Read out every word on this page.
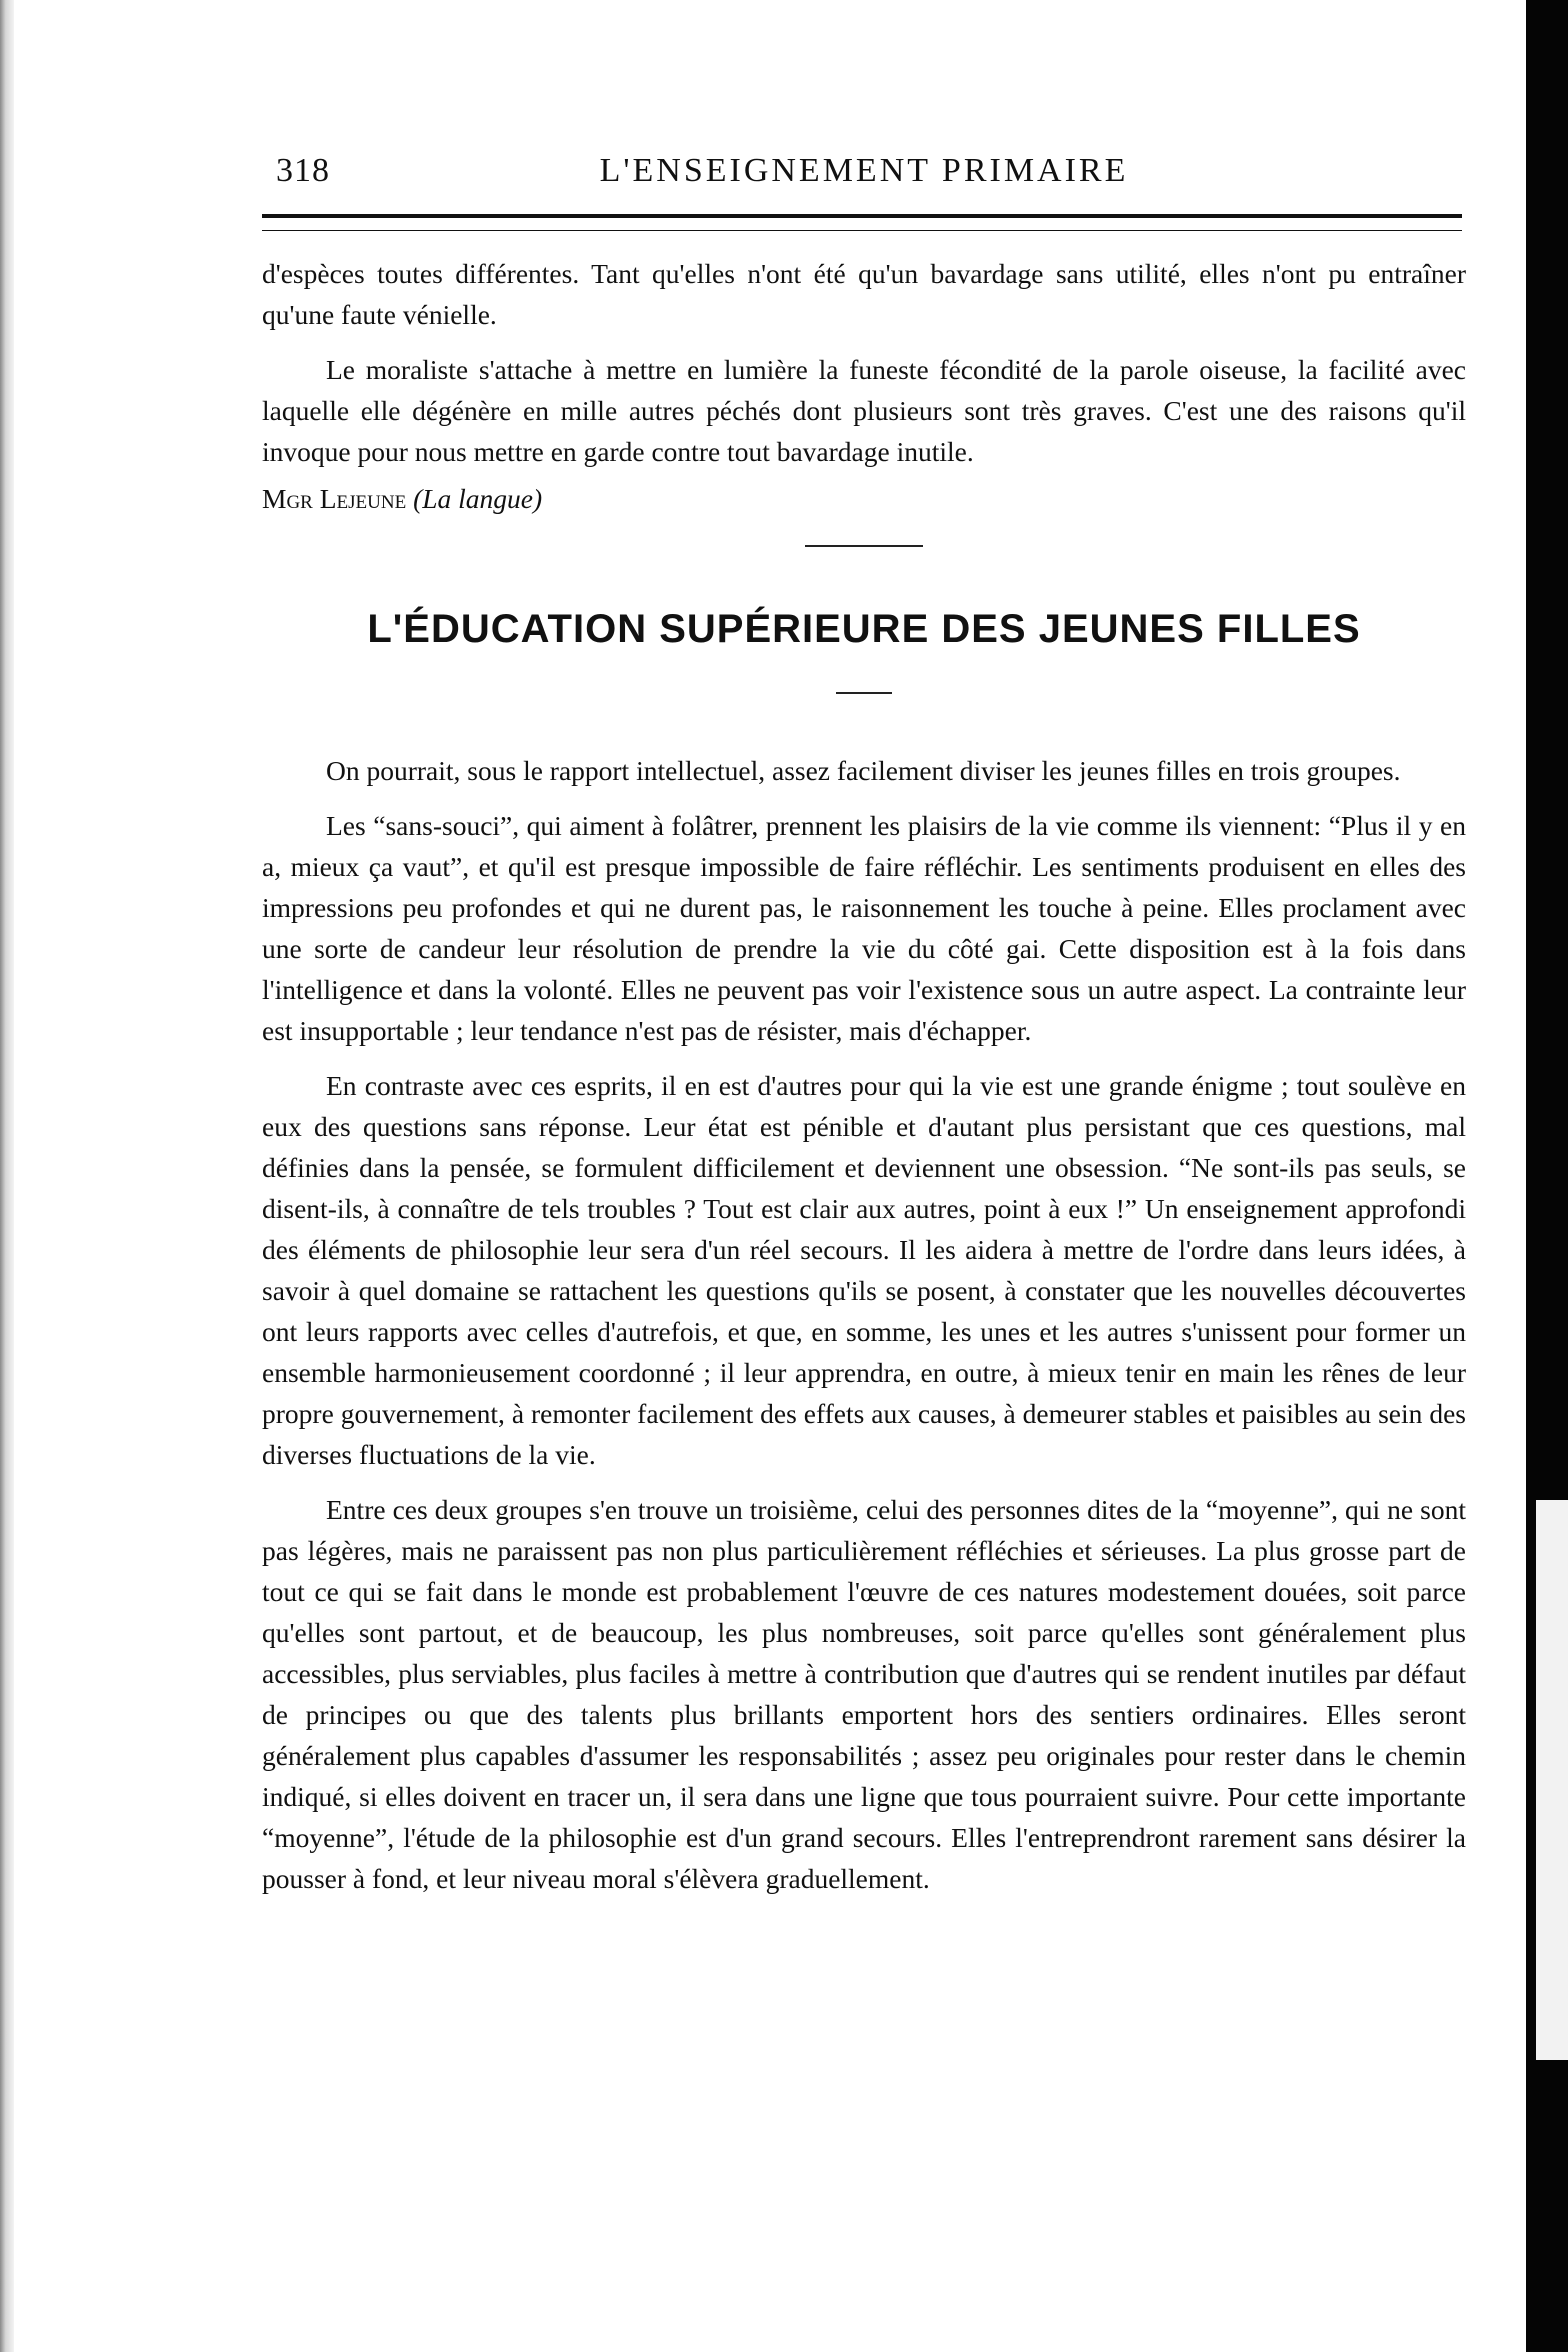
318	L'ENSEIGNEMENT PRIMAIRE

d'espèces toutes différentes. Tant qu'elles n'ont été qu'un bavardage sans utilité, elles n'ont pu entraîner qu'une faute vénielle.

Le moraliste s'attache à mettre en lumière la funeste fécondité de la parole oiseuse, la facilité avec laquelle elle dégénère en mille autres péchés dont plusieurs sont très graves. C'est une des raisons qu'il invoque pour nous mettre en garde contre tout bavardage inutile.

Mgr Lejeune (La langue)

L'ÉDUCATION SUPÉRIEURE DES JEUNES FILLES

On pourrait, sous le rapport intellectuel, assez facilement diviser les jeunes filles en trois groupes.

Les “sans-souci”, qui aiment à folâtrer, prennent les plaisirs de la vie comme ils viennent: “Plus il y en a, mieux ça vaut”, et qu'il est presque impossible de faire réfléchir. Les sentiments produisent en elles des impressions peu profondes et qui ne durent pas, le raisonnement les touche à peine. Elles proclament avec une sorte de candeur leur résolution de prendre la vie du côté gai. Cette disposition est à la fois dans l'intelligence et dans la volonté. Elles ne peuvent pas voir l'existence sous un autre aspect. La contrainte leur est insupportable ; leur tendance n'est pas de résister, mais d'échapper.

En contraste avec ces esprits, il en est d'autres pour qui la vie est une grande énigme ; tout soulève en eux des questions sans réponse. Leur état est pénible et d'autant plus persistant que ces questions, mal définies dans la pensée, se formulent difficilement et deviennent une obsession. “Ne sont-ils pas seuls, se disent-ils, à connaître de tels troubles ? Tout est clair aux autres, point à eux !” Un enseignement approfondi des éléments de philosophie leur sera d'un réel secours. Il les aidera à mettre de l'ordre dans leurs idées, à savoir à quel domaine se rattachent les questions qu'ils se posent, à constater que les nouvelles découvertes ont leurs rapports avec celles d'autrefois, et que, en somme, les unes et les autres s'unissent pour former un ensemble harmonieusement coordonné ; il leur apprendra, en outre, à mieux tenir en main les rênes de leur propre gouvernement, à remonter facilement des effets aux causes, à demeurer stables et paisibles au sein des diverses fluctuations de la vie.

Entre ces deux groupes s'en trouve un troisième, celui des personnes dites de la “moyenne”, qui ne sont pas légères, mais ne paraissent pas non plus particulièrement réfléchies et sérieuses. La plus grosse part de tout ce qui se fait dans le monde est probablement l'œuvre de ces natures modestement douées, soit parce qu'elles sont partout, et de beaucoup, les plus nombreuses, soit parce qu'elles sont généralement plus accessibles, plus serviables, plus faciles à mettre à contribution que d'autres qui se rendent inutiles par défaut de principes ou que des talents plus brillants emportent hors des sentiers ordinaires. Elles seront généralement plus capables d'assumer les responsabilités ; assez peu originales pour rester dans le chemin indiqué, si elles doivent en tracer un, il sera dans une ligne que tous pourraient suivre. Pour cette importante “moyenne”, l'étude de la philosophie est d'un grand secours. Elles l'entreprendront rarement sans désirer la pousser à fond, et leur niveau moral s'élèvera graduellement.
